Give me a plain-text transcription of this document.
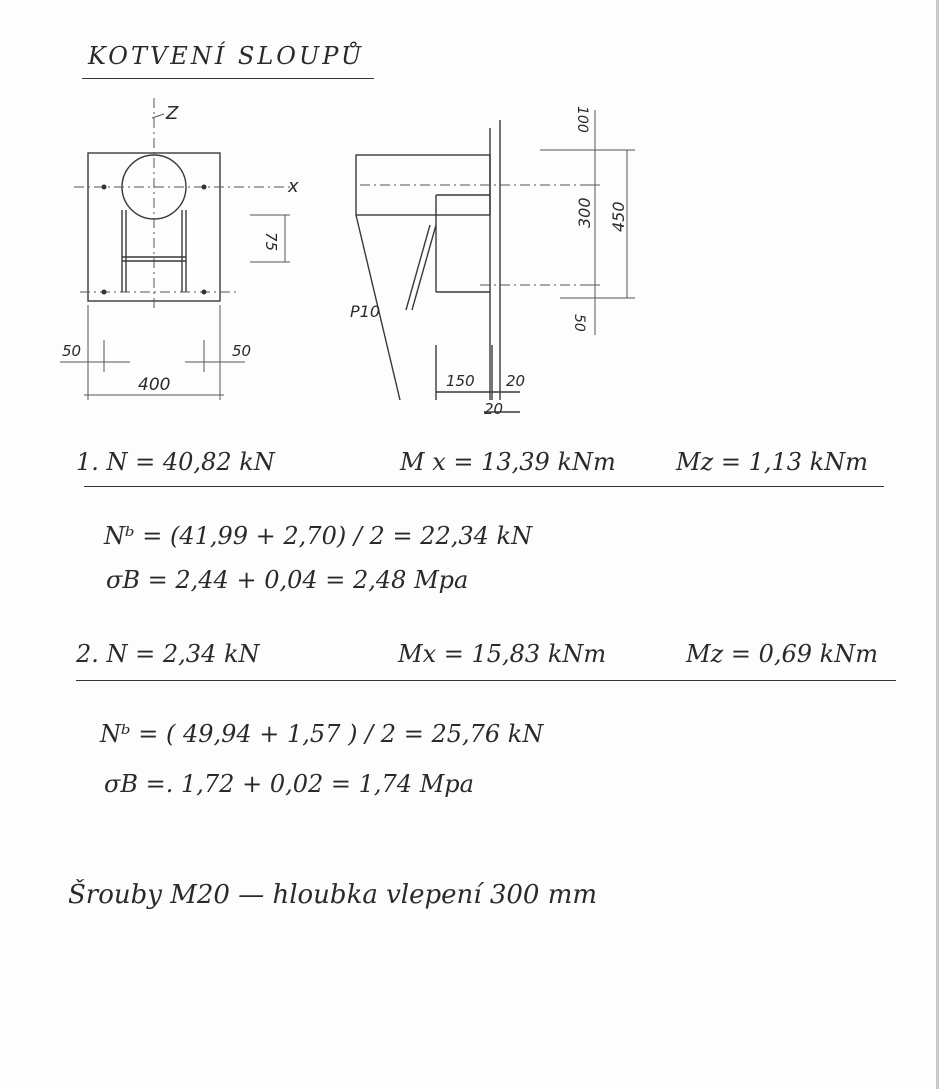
KOTVENÍ SLOUPŮ
Z
x
75
50	50
400
P10
150 20
20
100
300 450
50
1. N = 40,82 kN	M x = 13,39 kNm	Mz = 1,13 kNm
Nᵇ = (41,99 + 2,70) / 2 = 22,34 kN
σB = 2,44 + 0,04 = 2,48 Mpa
2. N = 2,34 kN	Mx = 15,83 kNm	Mz = 0,69 kNm
Nᵇ = ( 49,94 + 1,57 ) / 2 = 25,76 kN
σB =. 1,72 + 0,02 = 1,74 Mpa
Šrouby M20 — hloubka vlepení 300 mm
